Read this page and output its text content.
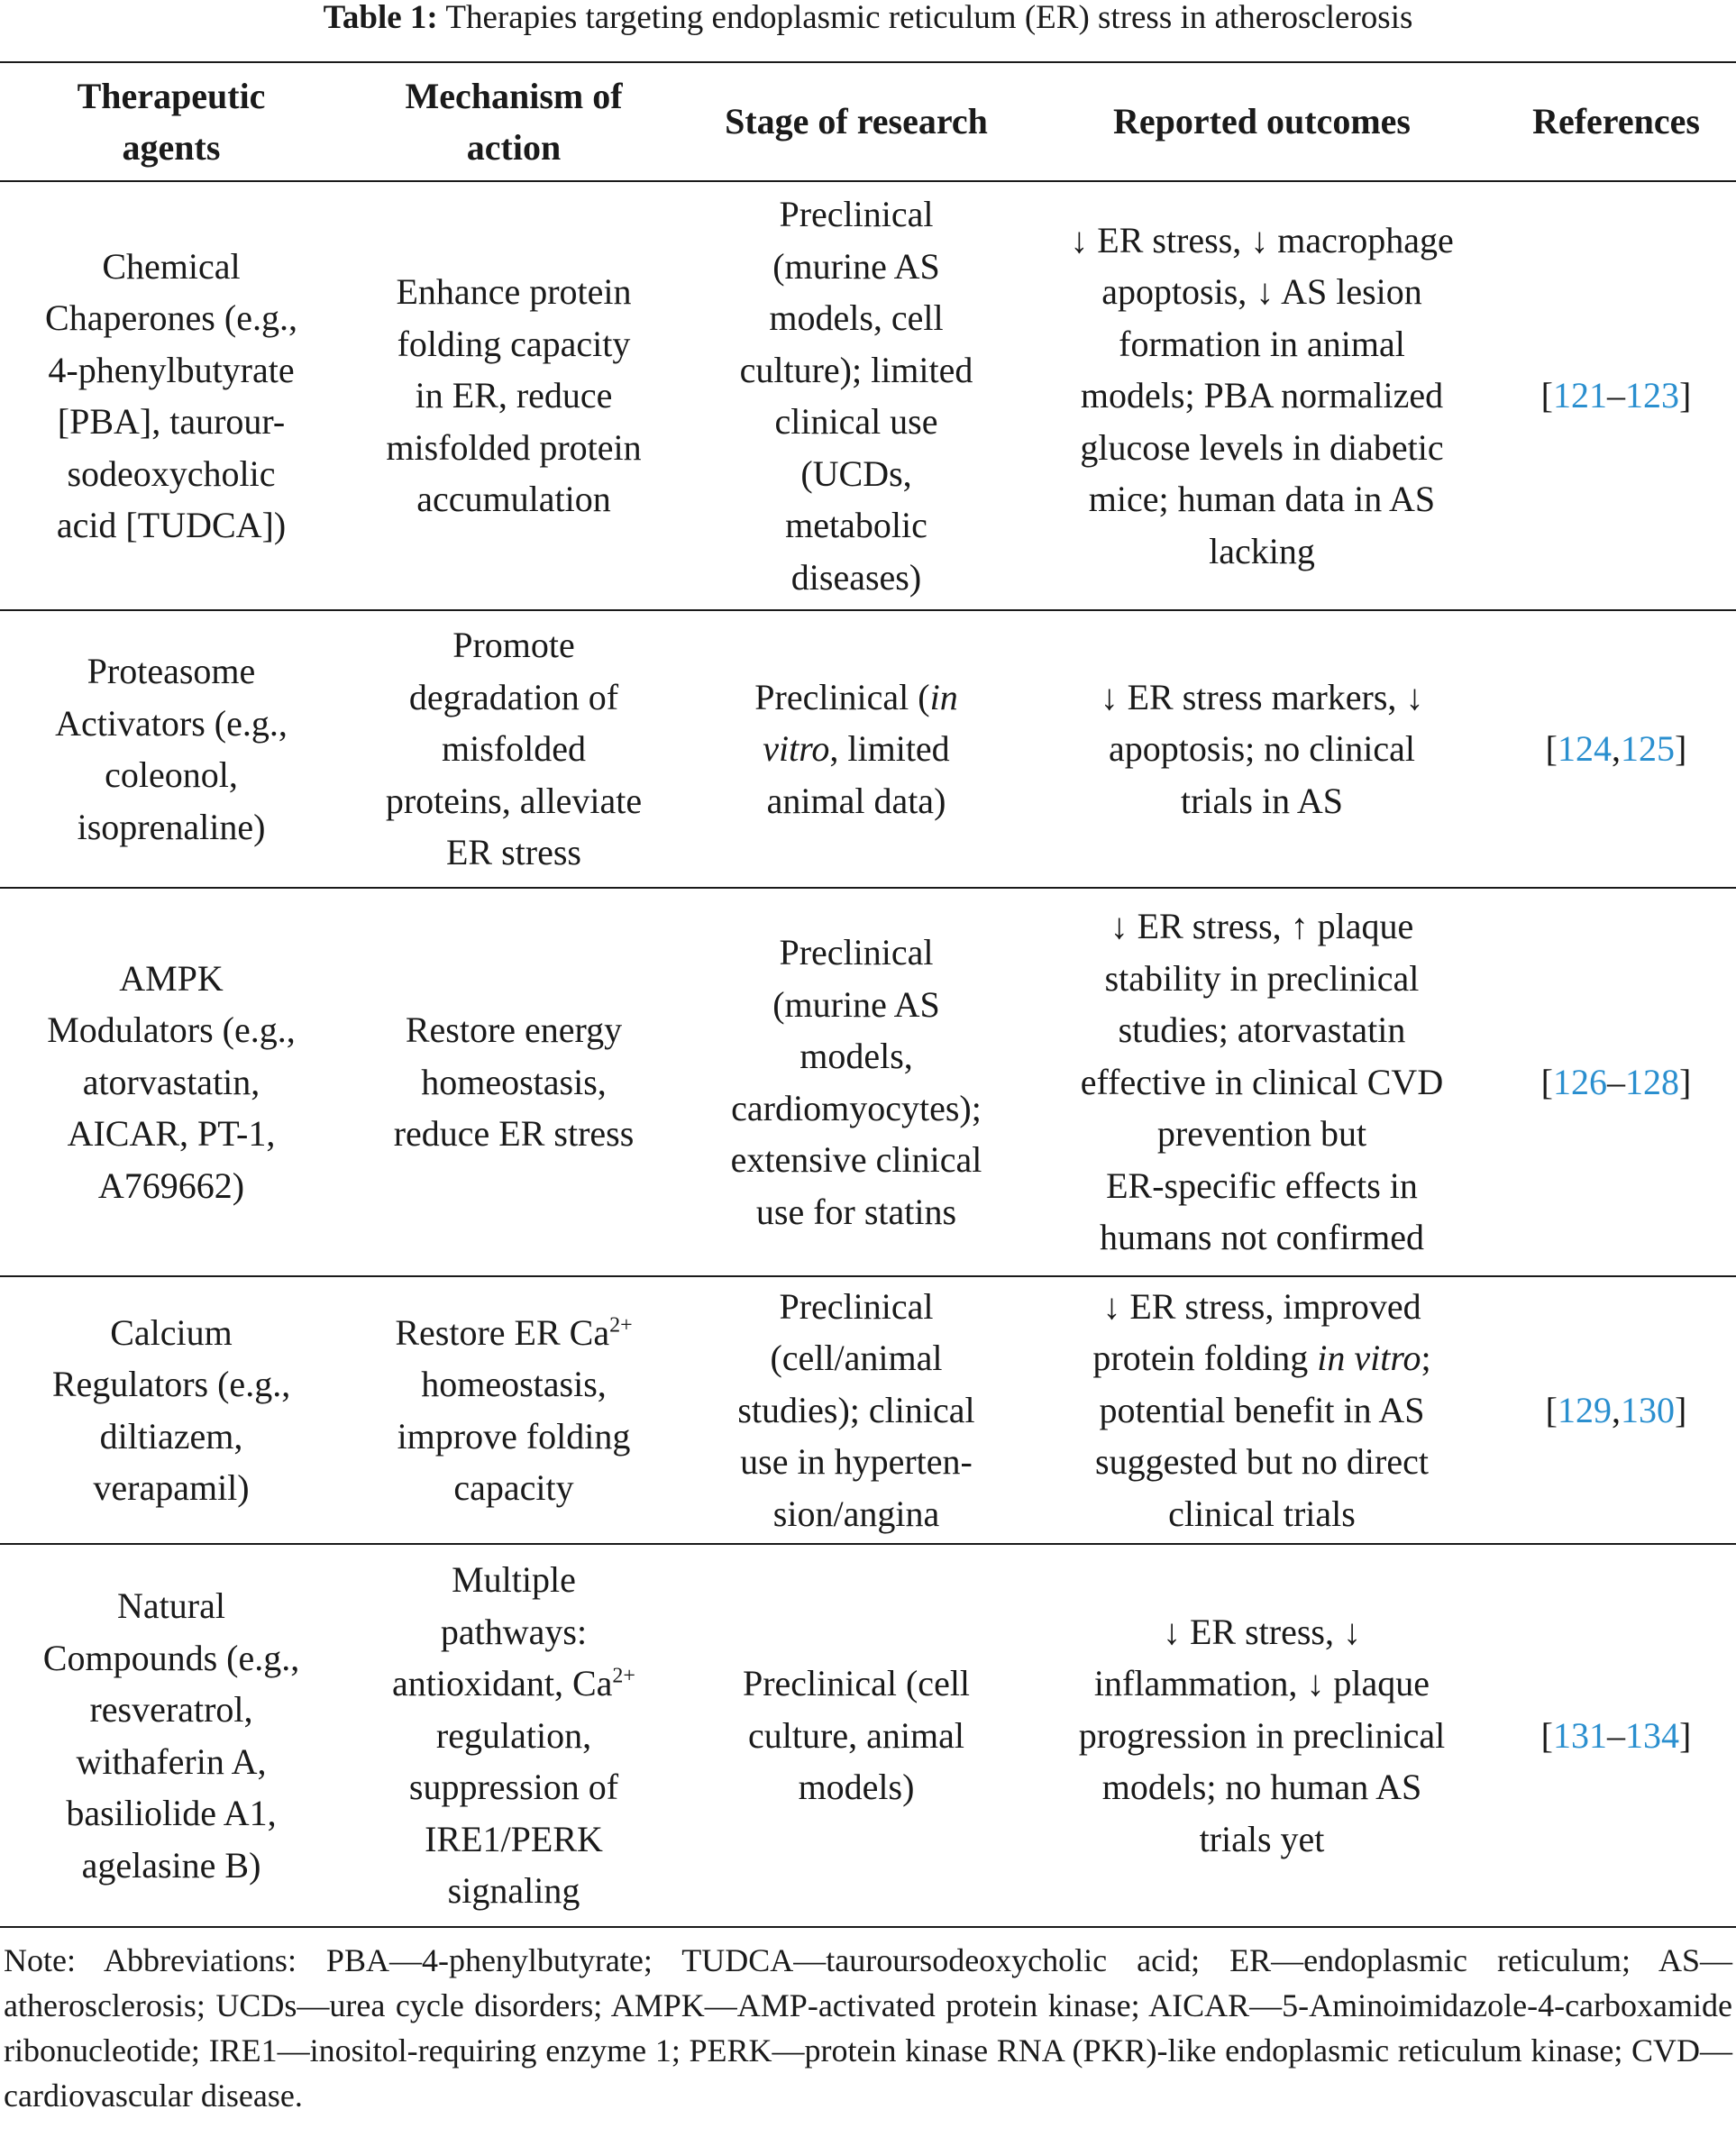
Table 1: Therapies targeting endoplasmic reticulum (ER) stress in atherosclerosis
Therapeutic
agents
Mechanism of
action
Stage of research	Reported outcomes	References
Chemical
Chaperones (e.g.,
4-phenylbutyrate
[PBA], taurour-
sodeoxycholic
acid [TUDCA])
Enhance protein
folding capacity
in ER, reduce
misfolded protein
accumulation
Preclinical
(murine AS
models, cell
culture); limited
clinical use
(UCDs,
metabolic
diseases)
↓ ER stress, ↓ macrophage
apoptosis, ↓ AS lesion
formation in animal
models; PBA normalized
glucose levels in diabetic
mice; human data in AS
lacking
[121–123]
Proteasome
Activators (e.g.,
coleonol,
isoprenaline)
Promote
degradation of
misfolded
proteins, alleviate
ER stress
Preclinical (in
vitro, limited
animal data)
↓ ER stress markers, ↓
apoptosis; no clinical
trials in AS
[124,125]
AMPK
Modulators (e.g.,
atorvastatin,
AICAR, PT-1,
A769662)
Restore energy
homeostasis,
reduce ER stress
Preclinical
(murine AS
models,
cardiomyocytes);
extensive clinical
use for statins
↓ ER stress, ↑ plaque
stability in preclinical
studies; atorvastatin
effective in clinical CVD
prevention but
ER-specific effects in
humans not confirmed
[126–128]
Calcium
Regulators (e.g.,
diltiazem,
verapamil)
Restore ER $Ca^{2+}$
homeostasis,
improve folding
capacity
Preclinical
(cell/animal
studies); clinical
use in hyperten-
sion/angina
↓ ER stress, improved
protein folding in vitro;
potential benefit in AS
suggested but no direct
clinical trials
[129,130]
Natural
Compounds (e.g.,
resveratrol,
withaferin A,
basiliolide A1,
agelasine B)
Multiple
pathways:
antioxidant, $Ca^{2+}$
regulation,
suppression of
IRE1/PERK
signaling
Preclinical (cell
culture, animal
models)
↓ ER stress, ↓
inflammation, ↓ plaque
progression in preclinical
models; no human AS
trials yet
[131–134]
Note: Abbreviations: PBA—4-phenylbutyrate; TUDCA—tauroursodeoxycholic acid; ER—endoplasmic reticulum; AS—atherosclerosis; UCDs—urea cycle disorders; AMPK—AMP-activated protein kinase; AICAR—5-Aminoimidazole-4-carboxamide ribonucleotide; IRE1—inositol-requiring enzyme 1; PERK—protein kinase RNA (PKR)-like endoplasmic reticulum kinase; CVD—cardiovascular disease.
